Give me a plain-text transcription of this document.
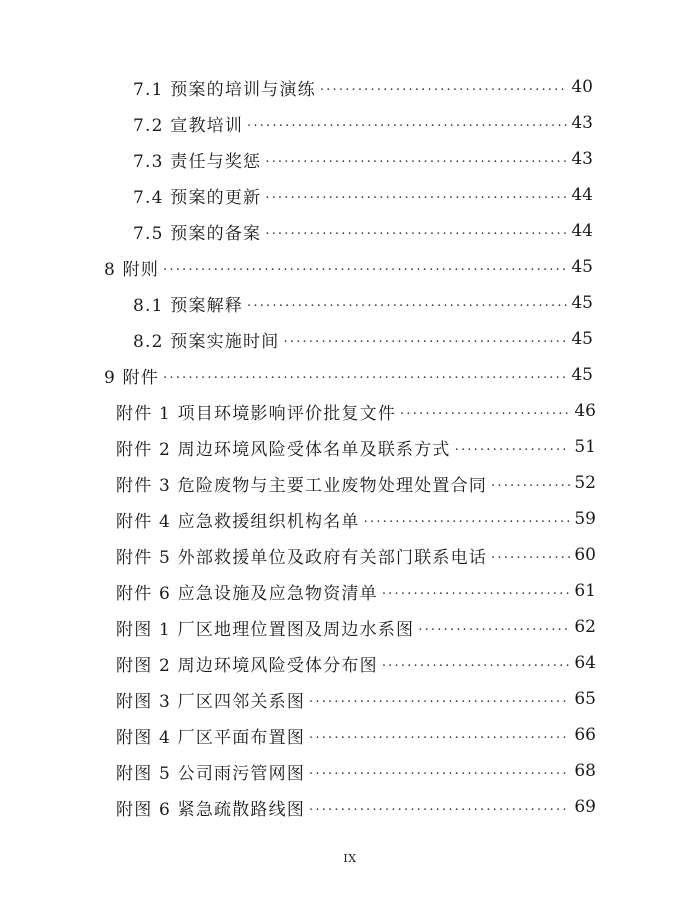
7.1 预案的培训与演练 .....	40
7.2 宣教培训 .....	43
7.3 责任与奖惩 .....	43
7.4 预案的更新 .....	44
7.5 预案的备案 .....	44
8 附则 .....	45
8.1 预案解释 .....	45
8.2 预案实施时间 .....	45
9 附件 .....	45
附件 1 项目环境影响评价批复文件 .....	46
附件 2 周边环境风险受体名单及联系方式 .....	51
附件 3 危险废物与主要工业废物处理处置合同 .....	52
附件 4 应急救援组织机构名单 .....	59
附件 5 外部救援单位及政府有关部门联系电话 .....	60
附件 6 应急设施及应急物资清单 .....	61
附图 1 厂区地理位置图及周边水系图 .....	62
附图 2 周边环境风险受体分布图 .....	64
附图 3 厂区四邻关系图 .....	65
附图 4 厂区平面布置图 .....	66
附图 5 公司雨污管网图 .....	68
附图 6 紧急疏散路线图 .....	69
IX
